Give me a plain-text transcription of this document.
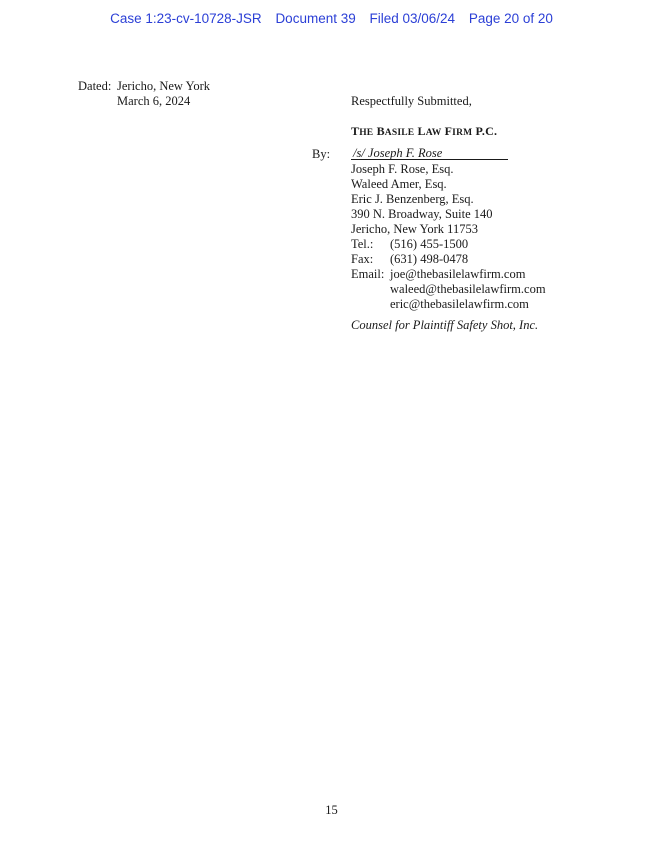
Case 1:23-cv-10728-JSR Document 39 Filed 03/06/24 Page 20 of 20
Dated: Jericho, New York
March 6, 2024	Respectfully Submitted,
THE BASILE LAW FIRM P.C.
By: /s/ Joseph F. Rose
Joseph F. Rose, Esq.
Waleed Amer, Esq.
Eric J. Benzenberg, Esq.
390 N. Broadway, Suite 140
Jericho, New York 11753
Tel.: (516) 455-1500
Fax: (631) 498-0478
Email: joe@thebasilelawfirm.com
waleed@thebasilelawfirm.com
eric@thebasilelawfirm.com
Counsel for Plaintiff Safety Shot, Inc.
15
